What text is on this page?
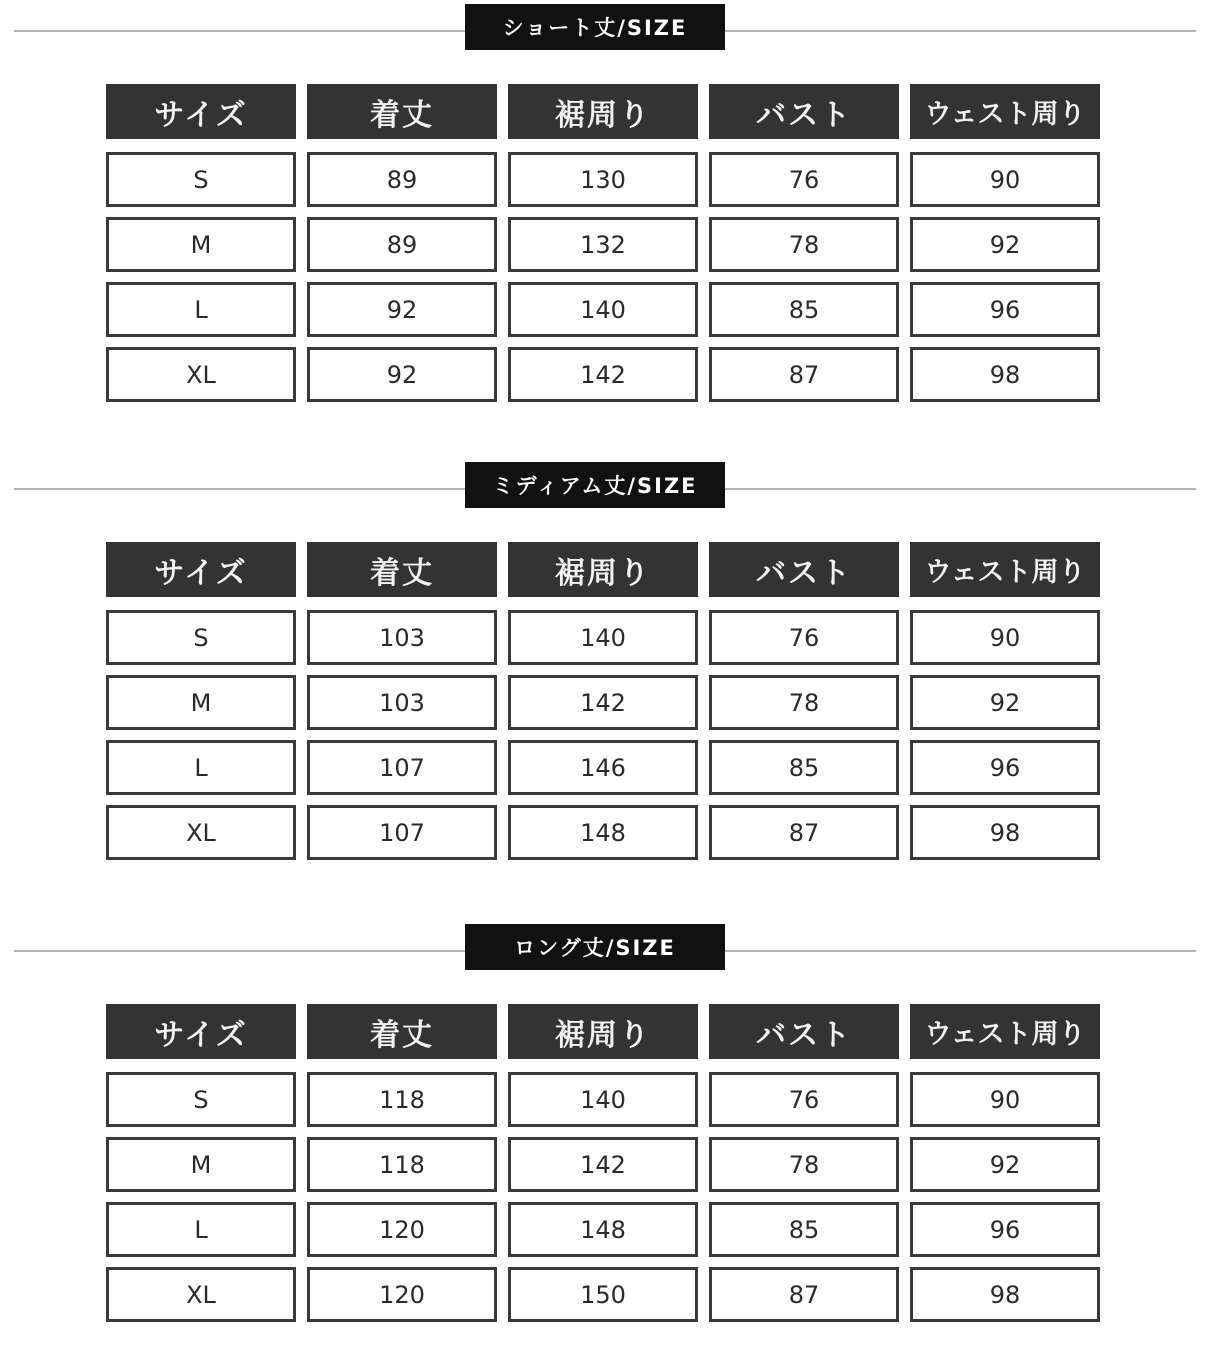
ショート丈/SIZE
サイズ	着丈	裾周り	バスト	ウェスト周り
S	89	130	76	90
M	89	132	78	92
L	92	140	85	96
XL	92	142	87	98
ミディアム丈/SIZE
サイズ	着丈	裾周り	バスト	ウェスト周り
S	103	140	76	90
M	103	142	78	92
L	107	146	85	96
XL	107	148	87	98
ロング丈/SIZE
サイズ	着丈	裾周り	バスト	ウェスト周り
S	118	140	76	90
M	118	142	78	92
L	120	148	85	96
XL	120	150	87	98
